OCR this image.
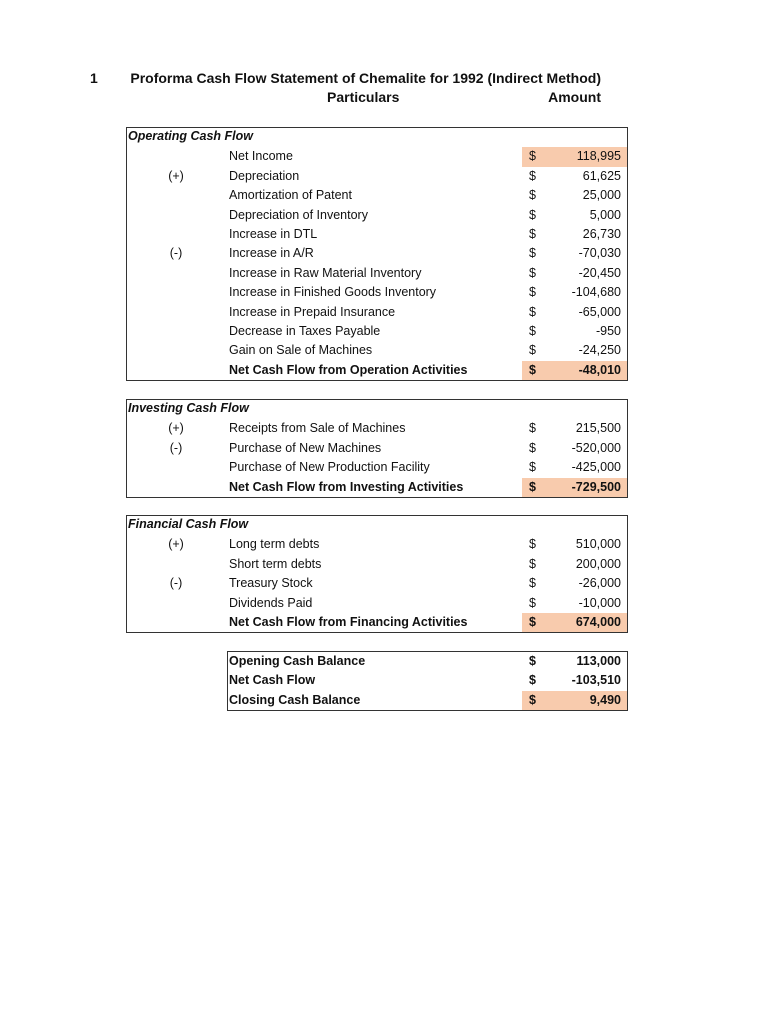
1 Proforma Cash Flow Statement of Chemalite for 1992 (Indirect Method)
Particulars	Amount
Operating Cash Flow
Net Income	$	118,995
(+)	Depreciation	$	61,625
Amortization of Patent	$	25,000
Depreciation of Inventory	$	5,000
Increase in DTL	$	26,730
(-)	Increase in A/R	$	-70,030
Increase in Raw Material Inventory	$	-20,450
Increase in Finished Goods Inventory	$	-104,680
Increase in Prepaid Insurance	$	-65,000
Decrease in Taxes Payable	$	-950
Gain on Sale of Machines	$	-24,250
Net Cash Flow from Operation Activities	$	-48,010
Investing Cash Flow
(+)	Receipts from Sale of Machines	$	215,500
(-)	Purchase of New Machines	$	-520,000
Purchase of New Production Facility	$	-425,000
Net Cash Flow from Investing Activities	$	-729,500
Financial Cash Flow
(+)	Long term debts	$	510,000
Short term debts	$	200,000
(-)	Treasury Stock	$	-26,000
Dividends Paid	$	-10,000
Net Cash Flow from Financing Activities	$	674,000
Opening Cash Balance	$	113,000
Net Cash Flow	$	-103,510
Closing Cash Balance	$	9,490
